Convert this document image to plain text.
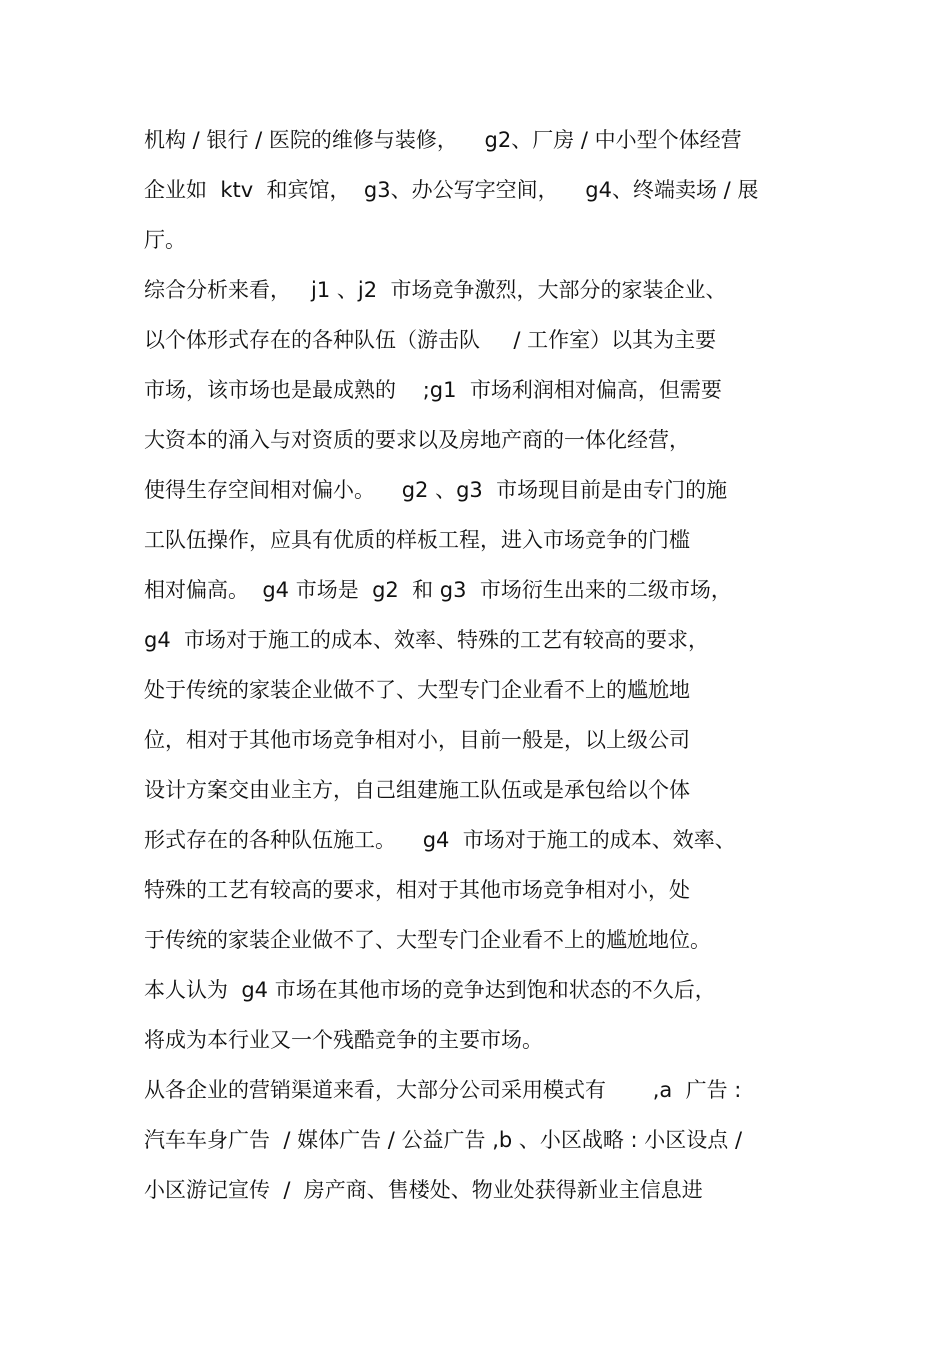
机构 / 银行 / 医院的维修与装修，    g2、厂房 / 中小型个体经营
企业如  ktv  和宾馆，  g3、办公写字空间，    g4、终端卖场 / 展
厅。
综合分析来看，   j1 、j2  市场竞争激烈，大部分的家装企业、
以个体形式存在的各种队伍（游击队     / 工作室）以其为主要
市场，该市场也是最成熟的    ;g1  市场利润相对偏高，但需要
大资本的涌入与对资质的要求以及房地产商的一体化经营，
使得生存空间相对偏小。    g2 、g3  市场现目前是由专门的施
工队伍操作，应具有优质的样板工程，进入市场竞争的门槛
相对偏高。  g4 市场是  g2  和 g3  市场衍生出来的二级市场，
g4  市场对于施工的成本、效率、特殊的工艺有较高的要求，
处于传统的家装企业做不了、大型专门企业看不上的尴尬地
位，相对于其他市场竞争相对小，目前一般是，以上级公司
设计方案交由业主方，自己组建施工队伍或是承包给以个体
形式存在的各种队伍施工。    g4  市场对于施工的成本、效率、
特殊的工艺有较高的要求，相对于其他市场竞争相对小，处
于传统的家装企业做不了、大型专门企业看不上的尴尬地位。
本人认为  g4 市场在其他市场的竞争达到饱和状态的不久后，
将成为本行业又一个残酷竞争的主要市场。
从各企业的营销渠道来看，大部分公司采用模式有       ,a  广告 :
汽车车身广告  / 媒体广告 / 公益广告 ,b 、小区战略 : 小区设点 /
小区游记宣传  /  房产商、售楼处、物业处获得新业主信息进
